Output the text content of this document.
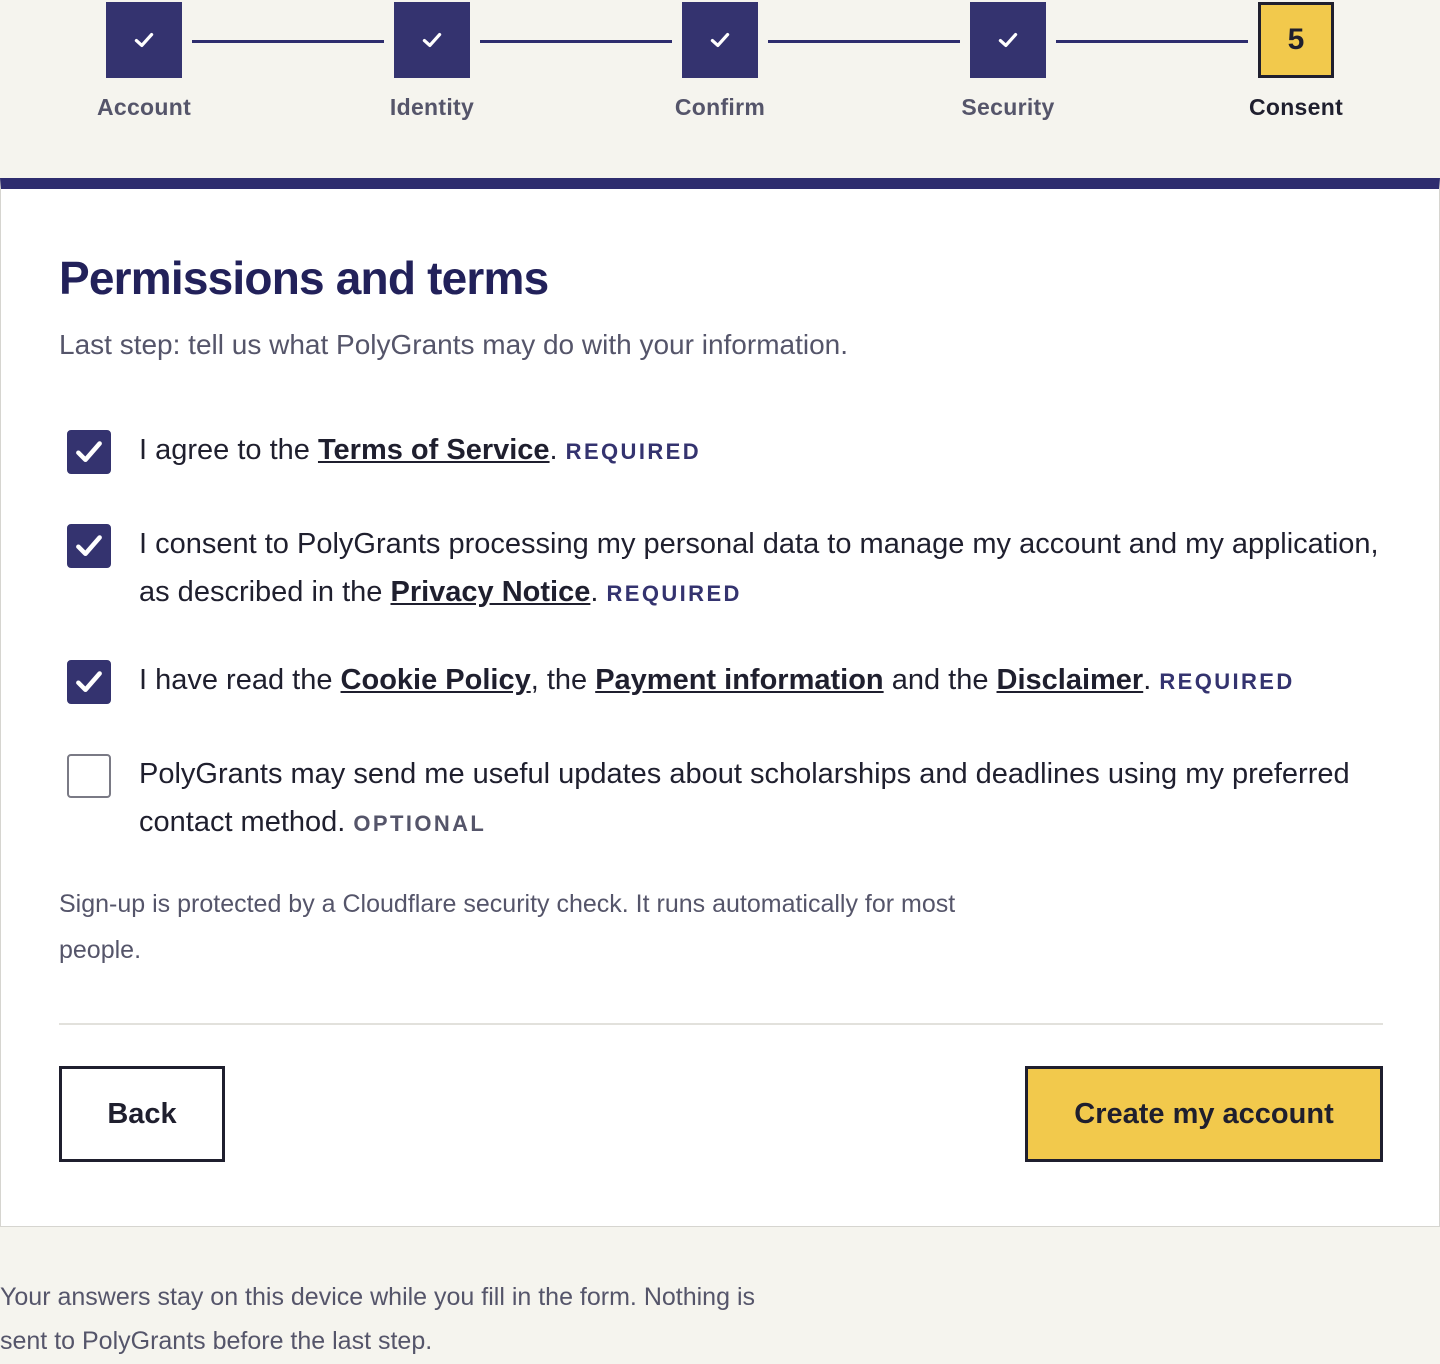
Account	Identity	Confirm	Security
5
Consent
Permissions and terms

Last step: tell us what PolyGrants may do with your information.

I agree to the Terms of Service. REQUIRED
I consent to PolyGrants processing my personal data to manage my account and my application, as described in the Privacy Notice. REQUIRED
I have read the Cookie Policy, the Payment information and the Disclaimer. REQUIRED
PolyGrants may send me useful updates about scholarships and deadlines using my preferred contact method. OPTIONAL

Sign-up is protected by a Cloudflare security check. It runs automatically for most people.

Back	Create my account

Your answers stay on this device while you fill in the form. Nothing is sent to PolyGrants before the last step.
